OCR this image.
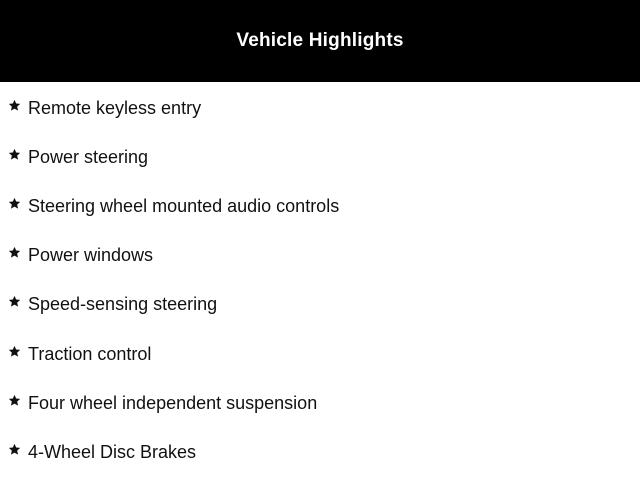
Vehicle Highlights
Remote keyless entry
Power steering
Steering wheel mounted audio controls
Power windows
Speed-sensing steering
Traction control
Four wheel independent suspension
4-Wheel Disc Brakes
